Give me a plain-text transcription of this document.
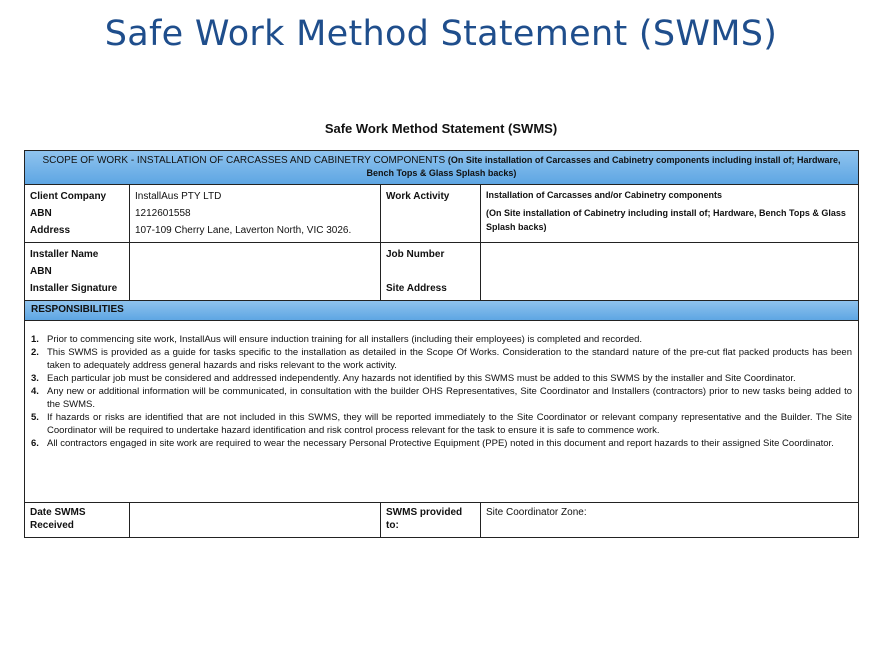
Safe Work Method Statement (SWMS)
Safe Work Method Statement (SWMS)
SCOPE OF WORK - INSTALLATION OF CARCASSES AND CABINETRY COMPONENTS (On Site installation of Carcasses and Cabinetry components including install of; Hardware, Bench Tops & Glass Splash backs)
Client Company
ABN
Address
InstallAus PTY LTD
1212601558
107-109 Cherry Lane, Laverton North, VIC 3026.
Work Activity	Installation of Carcasses and/or Cabinetry components
(On Site installation of Cabinetry including install of; Hardware, Bench Tops & Glass Splash backs)
Installer Name
ABN
Installer Signature
Job Number
Site Address
RESPONSIBILITIES
1. Prior to commencing site work, InstallAus will ensure induction training for all installers (including their employees) is completed and recorded.
2. This SWMS is provided as a guide for tasks specific to the installation as detailed in the Scope Of Works. Consideration to the standard nature of the pre-cut flat packed products has been taken to adequately address general hazards and risks relevant to the work activity.
3. Each particular job must be considered and addressed independently. Any hazards not identified by this SWMS must be added to this SWMS by the installer and Site Coordinator.
4. Any new or additional information will be communicated, in consultation with the builder OHS Representatives, Site Coordinator and Installers (contractors) prior to new tasks being added to the SWMS.
5. If hazards or risks are identified that are not included in this SWMS, they will be reported immediately to the Site Coordinator or relevant company representative and the Builder. The Site Coordinator will be required to undertake hazard identification and risk control process relevant for the task to ensure it is safe to commence work.
6. All contractors engaged in site work are required to wear the necessary Personal Protective Equipment (PPE) noted in this document and report hazards to their assigned Site Coordinator.
Date SWMS
Received
SWMS provided
to:
Site Coordinator Zone:
